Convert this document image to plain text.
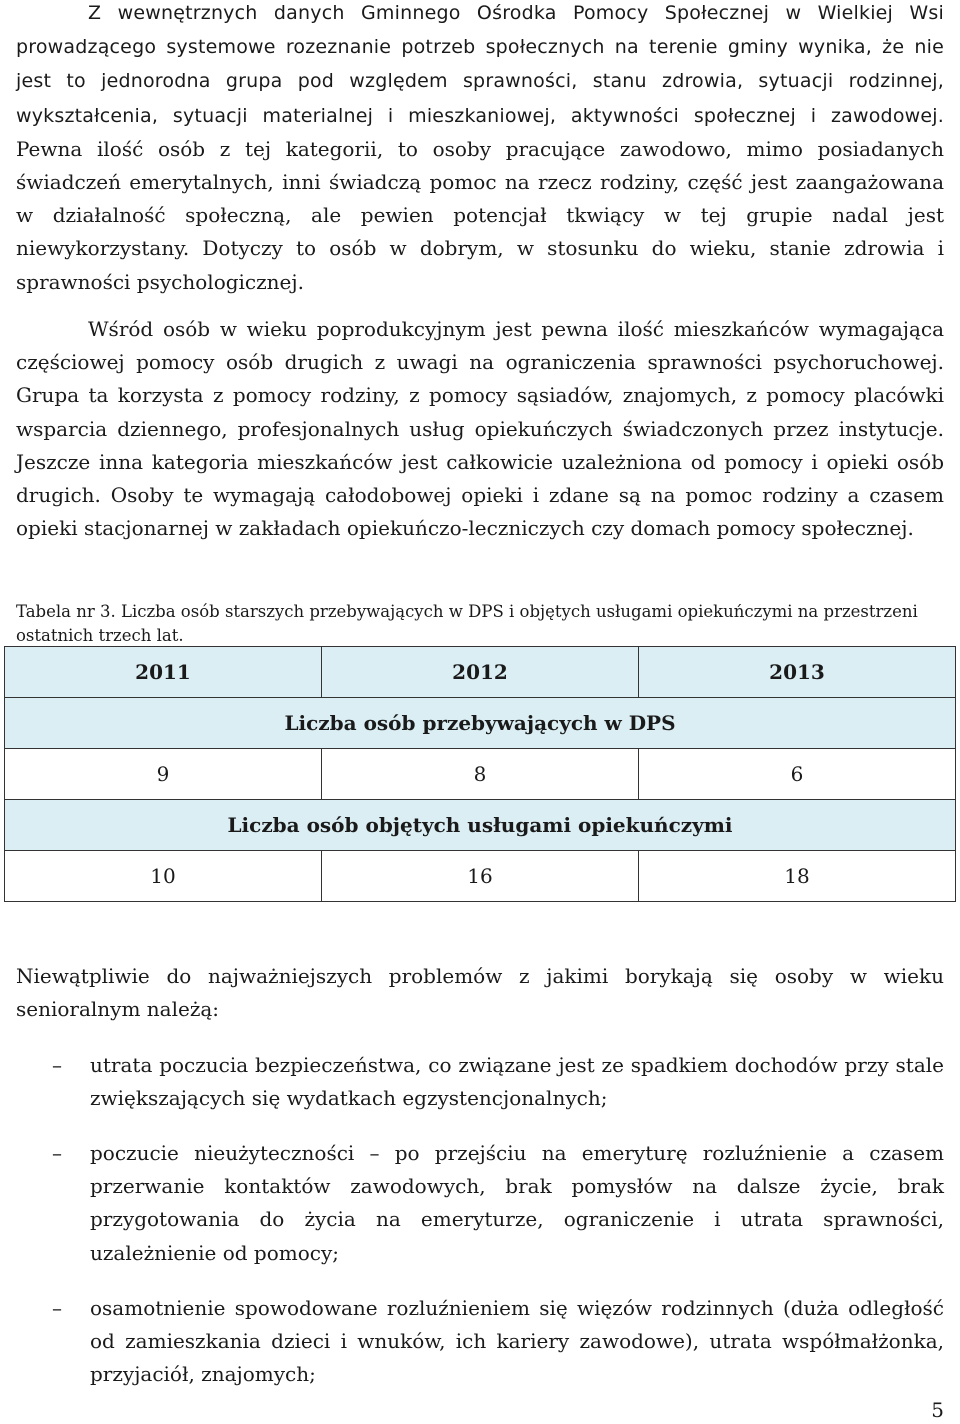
Z wewnętrznych danych Gminnego Ośrodka Pomocy Społecznej w Wielkiej Wsi prowadzącego systemowe rozeznanie potrzeb społecznych na terenie gminy wynika, że nie jest to jednorodna grupa pod względem sprawności, stanu zdrowia, sytuacji rodzinnej, wykształcenia, sytuacji materialnej i mieszkaniowej, aktywności społecznej i zawodowej. Pewna ilość osób z tej kategorii, to osoby pracujące zawodowo, mimo posiadanych świadczeń emerytalnych, inni świadczą pomoc na rzecz rodziny, część jest zaangażowana w działalność społeczną, ale pewien potencjał tkwiący w tej grupie nadal jest niewykorzystany. Dotyczy to osób w dobrym, w stosunku do wieku, stanie zdrowia i sprawności psychologicznej.

Wśród osób w wieku poprodukcyjnym jest pewna ilość mieszkańców wymagająca częściowej pomocy osób drugich z uwagi na ograniczenia sprawności psychoruchowej. Grupa ta korzysta z pomocy rodziny, z pomocy sąsiadów, znajomych, z pomocy placówki wsparcia dziennego, profesjonalnych usług opiekuńczych świadczonych przez instytucje. Jeszcze inna kategoria mieszkańców jest całkowicie uzależniona od pomocy i opieki osób drugich. Osoby te wymagają całodobowej opieki i zdane są na pomoc rodziny a czasem opieki stacjonarnej w zakładach opiekuńczo-leczniczych czy domach pomocy społecznej.

Tabela nr 3. Liczba osób starszych przebywających w DPS i objętych usługami opiekuńczymi na przestrzeni ostatnich trzech lat.
2011	2012	2013
Liczba osób przebywających w DPS		
9	8	6
Liczba osób objętych usługami opiekuńczymi		
10	16	18

Niewątpliwie do najważniejszych problemów z jakimi borykają się osoby w wieku senioralnym należą:

– utrata poczucia bezpieczeństwa, co związane jest ze spadkiem dochodów przy stale zwiększających się wydatkach egzystencjonalnych;
– poczucie nieużyteczności – po przejściu na emeryturę rozluźnienie a czasem przerwanie kontaktów zawodowych, brak pomysłów na dalsze życie, brak przygotowania do życia na emeryturze, ograniczenie i utrata sprawności, uzależnienie od pomocy;
– osamotnienie spowodowane rozluźnieniem się więzów rodzinnych (duża odległość od zamieszkania dzieci i wnuków, ich kariery zawodowe), utrata współmałżonka, przyjaciół, znajomych;
5
